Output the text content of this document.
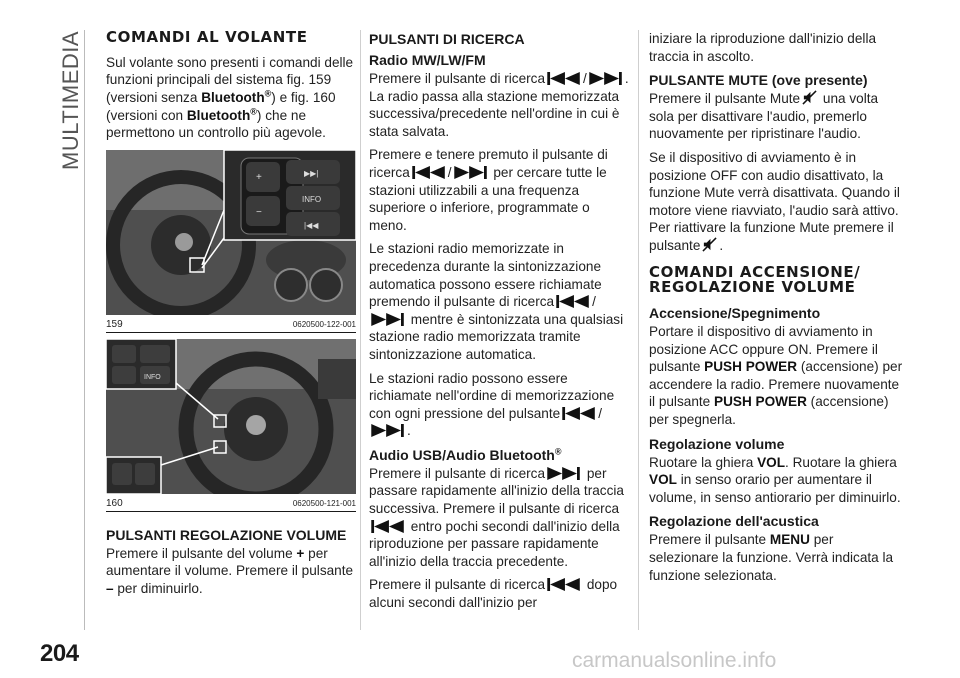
MULTIMEDIA
204	carmanualsonline.info
COMANDI AL VOLANTE

Sul volante sono presenti i comandi delle funzioni principali del sistema fig. 159 (versioni senza Bluetooth®) e fig. 160 (versioni con Bluetooth®) che ne permettono un controllo più agevole.

+
−
▶▶|
|◀◀
INFO
159	0620500-122-001
INFO
160	0620500-121-001
PULSANTI REGOLAZIONE VOLUME

Premere il pulsante del volume + per aumentare il volume. Premere il pulsante – per diminuirlo.

PULSANTI DI RICERCA
Radio MW/LW/FM

Premere il pulsante di ricerca	/	. La radio passa alla stazione memorizzata successiva/precedente nell'ordine in cui è stata salvata.

Premere e tenere premuto il pulsante di ricerca	/	per cercare tutte le stazioni utilizzabili a una frequenza superiore o inferiore, programmate o meno.

Le stazioni radio memorizzate in precedenza durante la sintonizzazione automatica possono essere richiamate premendo il pulsante di ricerca	/ mentre è sintonizzata una qualsiasi stazione radio memorizzata tramite sintonizzazione automatica.

Le stazioni radio possono essere richiamate nell'ordine di memorizzazione con ogni pressione del pulsante	/.

Audio USB/Audio Bluetooth®

Premere il pulsante di ricerca	per passare rapidamente all'inizio della traccia successiva. Premere il pulsante di ricerca entro pochi secondi dall'inizio della riproduzione per passare rapidamente all'inizio della traccia precedente.

Premere il pulsante di ricerca	dopo alcuni secondi dall'inizio per

iniziare la riproduzione dall'inizio della traccia in ascolto.

PULSANTE MUTE (ove presente)

Premere il pulsante Mute una volta sola per disattivare l'audio, premerlo nuovamente per ripristinare l'audio.

Se il dispositivo di avviamento è in posizione OFF con audio disattivato, la funzione Mute verrà disattivata. Quando il motore viene riavviato, l'audio sarà attivo. Per riattivare la funzione Mute premere il pulsante .

COMANDI ACCENSIONE/ REGOLAZIONE VOLUME
Accensione/Spegnimento

Portare il dispositivo di avviamento in posizione ACC oppure ON. Premere il pulsante PUSH POWER (accensione) per accendere la radio. Premere nuovamente il pulsante PUSH POWER (accensione) per spegnerla.

Regolazione volume

Ruotare la ghiera VOL. Ruotare la ghiera VOL in senso orario per aumentare il volume, in senso antiorario per diminuirlo.

Regolazione dell'acustica

Premere il pulsante MENU per selezionare la funzione. Verrà indicata la funzione selezionata.
